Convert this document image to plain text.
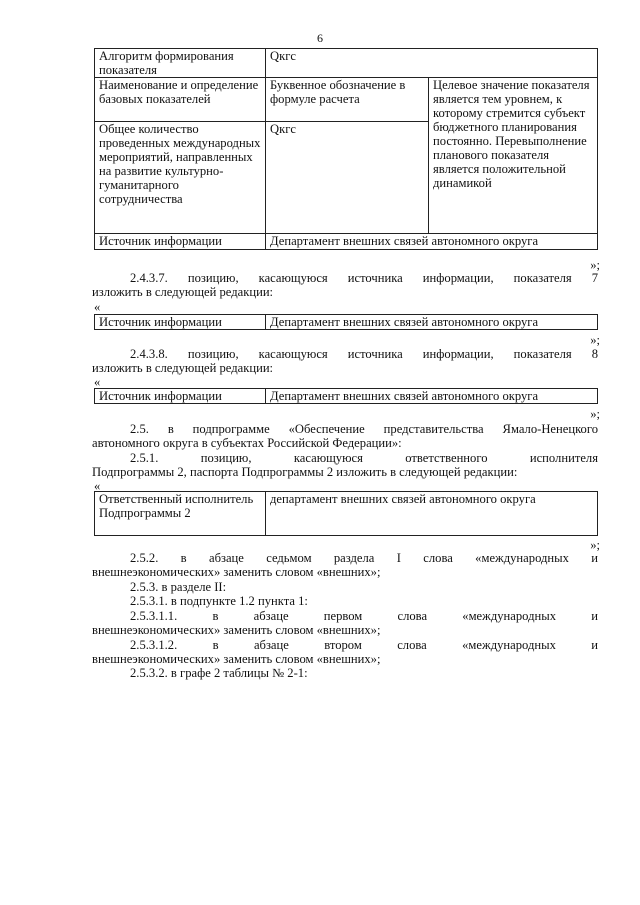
6
Алгоритм формирования показателя	Qкгс	
Наименование и определение базовых показателей	Буквенное обозначение в формуле расчета	Целевое значение показателя является тем уровнем, к которому стремится субъект бюджетного планирования постоянно. Перевыполнение планового показателя является положительной динамикой
Общее количество проведенных международных мероприятий, направленных на развитие культурно-гуманитарного сотрудничества	Qкгс	
Источник информации	Департамент внешних связей автономного округа	
»;
2.4.3.7. позицию, касающуюся источника информации, показателя 7
изложить в следующей редакции:
«
Источник информации	Департамент внешних связей автономного округа
»;
2.4.3.8. позицию, касающуюся источника информации, показателя 8
изложить в следующей редакции:
«
Источник информации	Департамент внешних связей автономного округа
»;
2.5. в подпрограмме «Обеспечение представительства Ямало-Ненецкого
автономного округа в субъектах Российской Федерации»:
2.5.1. позицию, касающуюся ответственного исполнителя
Подпрограммы 2, паспорта Подпрограммы 2 изложить в следующей редакции:
«
Ответственный исполнитель Подпрограммы 2	департамент внешних связей автономного округа
»;
2.5.2. в абзаце седьмом раздела I слова «международных и
внешнеэкономических» заменить словом «внешних»;
2.5.3. в разделе II:
2.5.3.1. в подпункте 1.2 пункта 1:
2.5.3.1.1. в абзаце первом слова «международных и
внешнеэкономических» заменить словом «внешних»;
2.5.3.1.2. в абзаце втором слова «международных и
внешнеэкономических» заменить словом «внешних»;
2.5.3.2. в графе 2 таблицы № 2-1:
